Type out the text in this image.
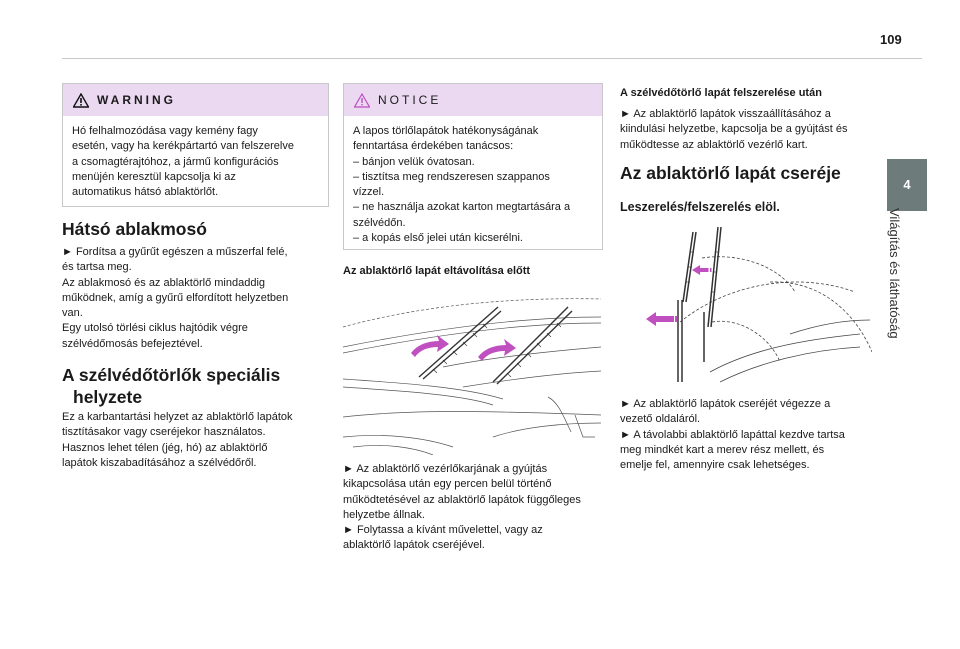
109
4
Világítás és láthatóság
WARNING
Hó felhalmozódása vagy kemény fagy
esetén, vagy ha kerékpártartó van felszerelve
a csomagtérajtóhoz, a jármű konfigurációs
menüjén keresztül kapcsolja ki az
automatikus hátsó ablaktörlőt.
Hátsó ablakmosó
► Fordítsa a gyűrűt egészen a műszerfal felé,
és tartsa meg.
Az ablakmosó és az ablaktörlő mindaddig
működnek, amíg a gyűrű elfordított helyzetben
van.
Egy utolsó törlési ciklus hajtódik végre
szélvédőmosás befejeztével.
A szélvédőtörlők speciális
helyzete
Ez a karbantartási helyzet az ablaktörlő lapátok
tisztításakor vagy cseréjekor használatos.
Hasznos lehet télen (jég, hó) az ablaktörlő
lapátok kiszabadításához a szélvédőről.
NOTICE
A lapos törlőlapátok hatékonyságának
fenntartása érdekében tanácsos:
– bánjon velük óvatosan.
– tisztítsa meg rendszeresen szappanos
vízzel.
– ne használja azokat karton megtartására a
szélvédőn.
– a kopás első jelei után kicserélni.
Az ablaktörlő lapát eltávolítása előtt
► Az ablaktörlő vezérlőkarjának a gyújtás
kikapcsolása után egy percen belül történő
működtetésével az ablaktörlő lapátok függőleges
helyzetbe állnak.
► Folytassa a kívánt művelettel, vagy az
ablaktörlő lapátok cseréjével.
A szélvédőtörlő lapát felszerelése után
► Az ablaktörlő lapátok visszaállításához a
kiindulási helyzetbe, kapcsolja be a gyújtást és
működtesse az ablaktörlő vezérlő kart.
Az ablaktörlő lapát cseréje
Leszerelés/felszerelés elöl.
► Az ablaktörlő lapátok cseréjét végezze a
vezető oldaláról.
► A távolabbi ablaktörlő lapáttal kezdve tartsa
meg mindkét kart a merev rész mellett, és
emelje fel, amennyire csak lehetséges.
